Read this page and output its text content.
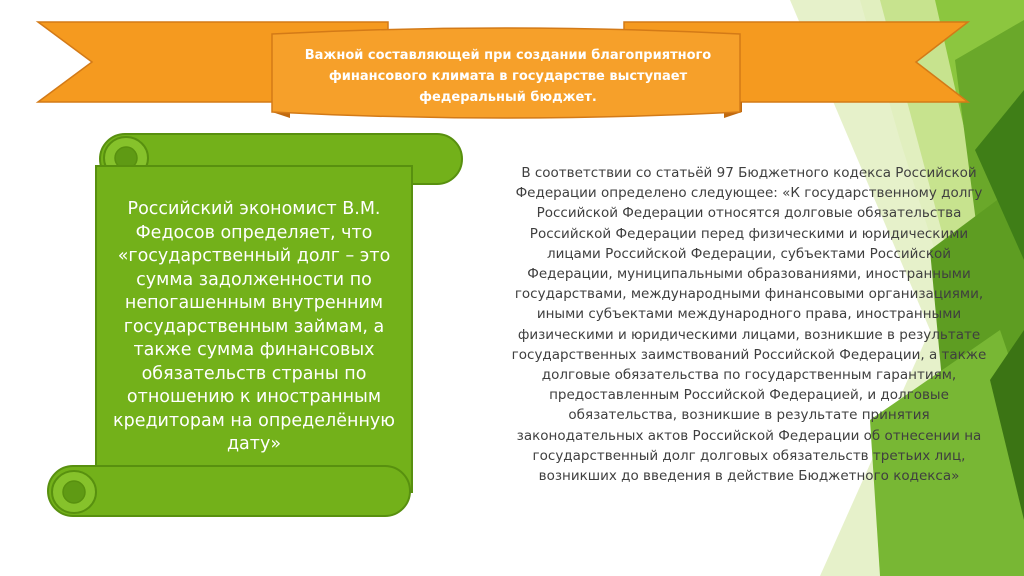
Важной составляющей при создании благоприятного финансового климата в государстве выступает федеральный бюджет.

Российский экономист В.М. Федосов определяет, что «государственный долг – это сумма задолженности по непогашенным внутренним государственным займам, а также сумма финансовых обязательств страны по отношению к иностранным кредиторам на определённую дату»

В соответствии со статьёй 97 Бюджетного кодекса Российской Федерации определено следующее: «К государственному долгу Российской Федерации относятся долговые обязательства Российской Федерации перед физическими и юридическими лицами Российской Федерации, субъектами Российской Федерации, муниципальными образованиями, иностранными государствами, международными финансовыми организациями, иными субъектами международного права, иностранными физическими и юридическими лицами, возникшие в результате государственных заимствований Российской Федерации, а также долговые обязательства по государственным гарантиям, предоставленным Российской Федерацией, и долговые обязательства, возникшие в результате принятия законодательных актов Российской Федерации об отнесении на государственный долг долговых обязательств третьих лиц, возникших до введения в действие Бюджетного кодекса»
